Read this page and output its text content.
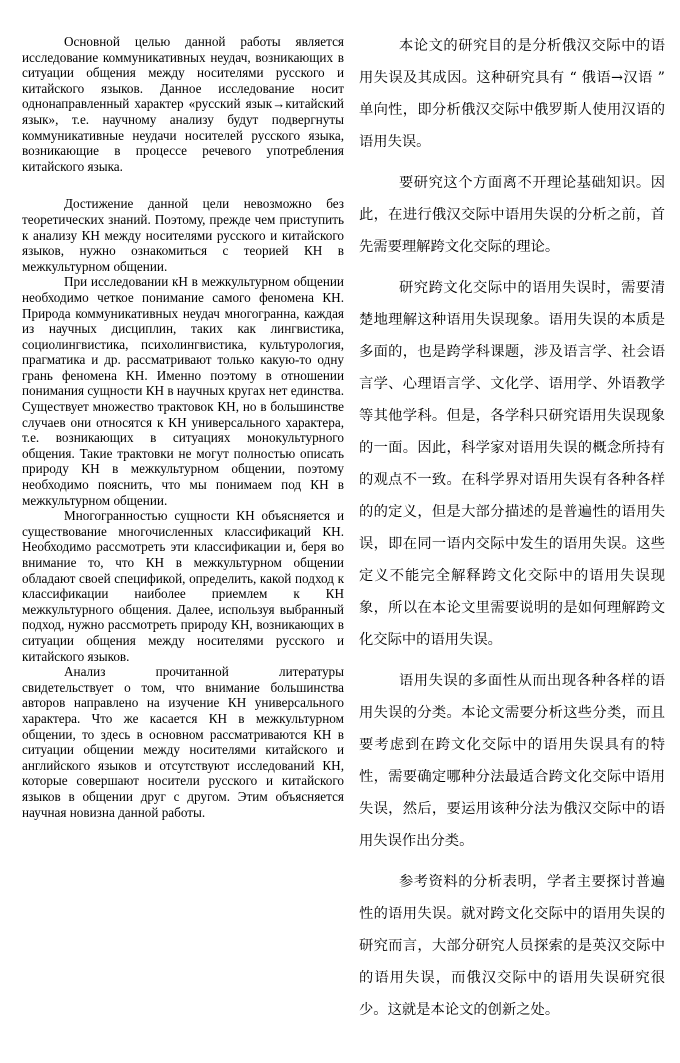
Основной целью данной работы является исследование коммуникативных неудач, возникающих в ситуации общения между носителями русского и китайского языков. Данное исследование носит однонаправленный характер «русский язык→китайский язык», т.е. научному анализу будут подвергнуты коммуникативные неудачи носителей русского языка, возникающие в процессе речевого употребления китайского языка.

Достижение данной цели невозможно без теоретических знаний. Поэтому, прежде чем приступить к анализу КН между носителями русского и китайского языков, нужно ознакомиться с теорией КН в межкультурном общении.

При исследовании кН в межкультурном общении необходимо четкое понимание самого феномена КН. Природа коммуникативных неудач многогранна, каждая из научных дисциплин, таких как лингвистика, социолингвистика, психолингвистика, культурология, прагматика и др. рассматривают только какую-то одну грань феномена КН. Именно поэтому в отношении понимания сущности КН в научных кругах нет единства. Существует множество трактовок КН, но в большинстве случаев они относятся к КН универсального характера, т.е. возникающих в ситуациях монокультурного общения. Такие трактовки не могут полностью описать природу КН в межкультурном общении, поэтому необходимо пояснить, что мы понимаем под КН в межкультурном общении.

Многогранностью сущности КН объясняется и существование многочисленных классификаций КН. Необходимо рассмотреть эти классификации и, беря во внимание то, что КН в межкультурном общении обладают своей спецификой, определить, какой подход к классификации наиболее приемлем к КН межкультурного общения. Далее, используя выбранный подход, нужно рассмотреть природу КН, возникающих в ситуации общения между носителями русского и китайского языков.

Анализ прочитанной литературы свидетельствует о том, что внимание большинства авторов направлено на изучение КН универсального характера. Что же касается КН в межкультурном общении, то здесь в основном рассматриваются КН в ситуации общении между носителями китайского и английского языков и отсутствуют исследований КН, которые совершают носители русского и китайского языков в общении друг с другом. Этим объясняется научная новизна данной работы.

本论文的研究目的是分析俄汉交际中的语用失误及其成因。这种研究具有 “ 俄语→汉语 ” 单向性，即分析俄汉交际中俄罗斯人使用汉语的语用失误。

要研究这个方面离不开理论基础知识。因此，在进行俄汉交际中语用失误的分析之前，首先需要理解跨文化交际的理论。

研究跨文化交际中的语用失误时，需要清楚地理解这种语用失误现象。语用失误的本质是多面的，也是跨学科课题，涉及语言学、社会语言学、心理语言学、文化学、语用学、外语教学等其他学科。但是，各学科只研究语用失误现象的一面。因此，科学家对语用失误的概念所持有的观点不一致。在科学界对语用失误有各种各样的的定义，但是大部分描述的是普遍性的语用失误，即在同一语内交际中发生的语用失误。这些定义不能完全解释跨文化交际中的语用失误现象，所以在本论文里需要说明的是如何理解跨文化交际中的语用失误。

语用失误的多面性从而出现各种各样的语用失误的分类。本论文需要分析这些分类，而且要考虑到在跨文化交际中的语用失误具有的特性，需要确定哪种分法最适合跨文化交际中语用失误，然后，要运用该种分法为俄汉交际中的语用失误作出分类。

参考资料的分析表明，学者主要探讨普遍性的语用失误。就对跨文化交际中的语用失误的研究而言，大部分研究人员探索的是英汉交际中的语用失误，而俄汉交际中的语用失误研究很少。这就是本论文的创新之处。
